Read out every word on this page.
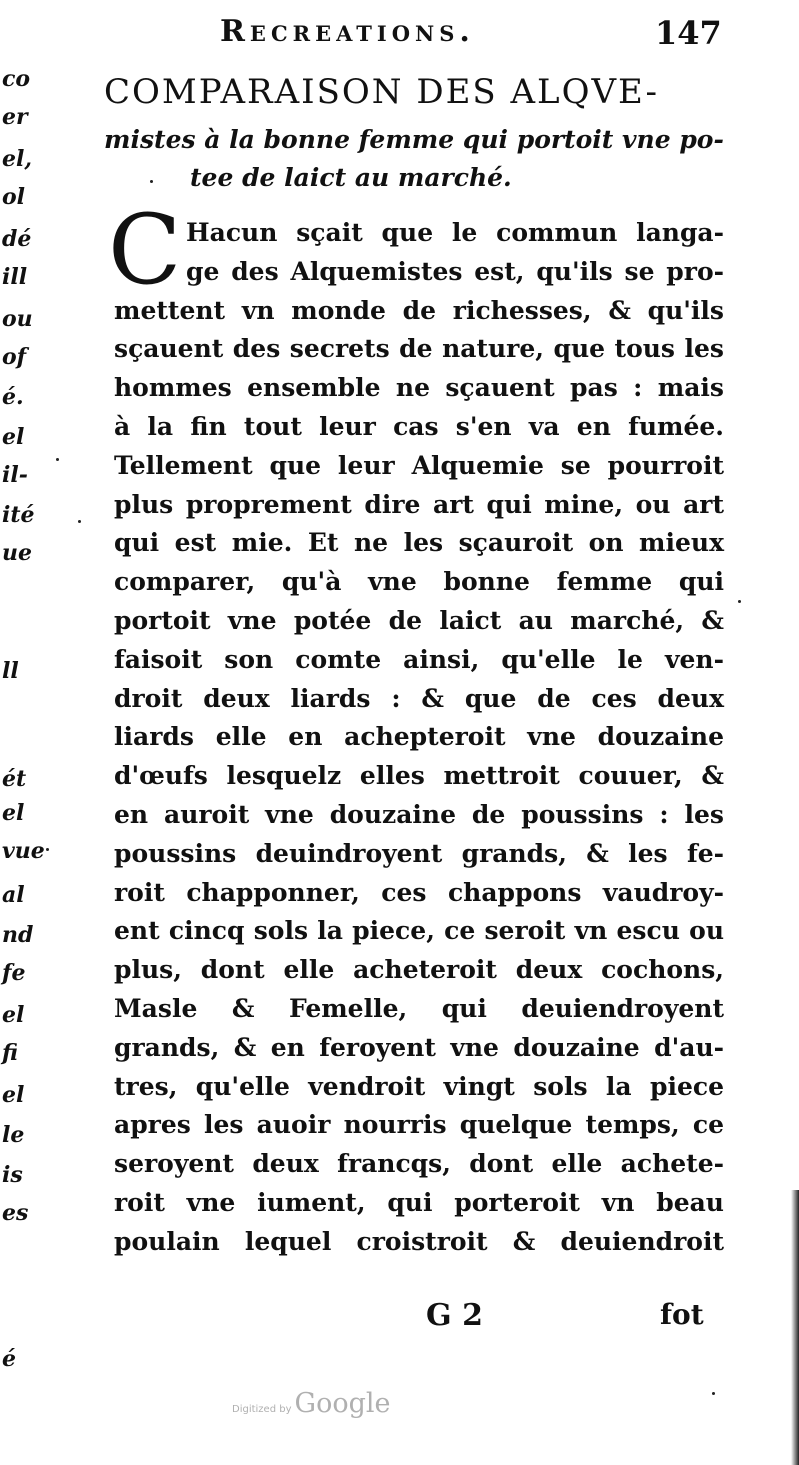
co
er
el,
ol
dé
ill
ou
of
é.
el
il-
ité
ue
ll
ét
el
vue
al
nd
fe
el
fi
el
le
is
es
é
Recreations.	147
COMPARAISON DES ALQVE-
mistes à la bonne femme qui portoit vne po-
tee de laict au marché.
C Hacun sçait que le commun langa-
ge des Alquemistes est, qu'ils se pro-
mettent vn monde de richesses, & qu'ils
sçauent des secrets de nature, que tous les
hommes ensemble ne sçauent pas : mais
à la fin tout leur cas s'en va en fumée.
Tellement que leur Alquemie se pourroit
plus proprement dire art qui mine, ou art
qui est mie. Et ne les sçauroit on mieux
comparer, qu'à vne bonne femme qui
portoit vne potée de laict au marché, &
faisoit son comte ainsi, qu'elle le ven-
droit deux liards : & que de ces deux
liards elle en achepteroit vne douzaine
d'œufs lesquelz elles mettroit couuer, &
en auroit vne douzaine de poussins : les
poussins deuindroyent grands, & les fe-
roit chapponner, ces chappons vaudroy-
ent cincq sols la piece, ce seroit vn escu ou
plus, dont elle acheteroit deux cochons,
Masle & Femelle, qui deuiendroyent
grands, & en feroyent vne douzaine d'au-
tres, qu'elle vendroit vingt sols la piece
apres les auoir nourris quelque temps, ce
seroyent deux francqs, dont elle achete-
roit vne iument, qui porteroit vn beau
poulain lequel croistroit & deuiendroit
G 2	fot
Digitized by Google
